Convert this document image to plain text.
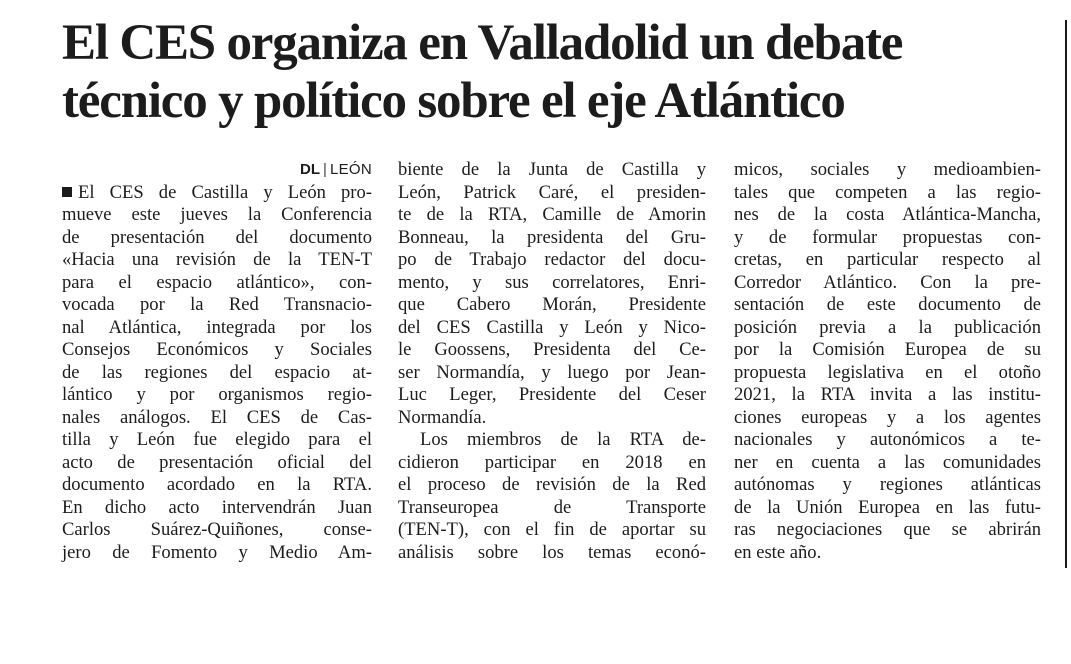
El CES organiza en Valladolid un debate
técnico y político sobre el eje Atlántico
DL | LEÓN
El CES de Castilla y León pro-
mueve este jueves la Conferencia
de presentación del documento
«Hacia una revisión de la TEN-T
para el espacio atlántico», con-
vocada por la Red Transnacio-
nal Atlántica, integrada por los
Consejos Económicos y Sociales
de las regiones del espacio at-
lántico y por organismos regio-
nales análogos. El CES de Cas-
tilla y León fue elegido para el
acto de presentación oficial del
documento acordado en la RTA.
En dicho acto intervendrán Juan
Carlos Suárez-Quiñones, conse-
jero de Fomento y Medio Am-
biente de la Junta de Castilla y
León, Patrick Caré, el presiden-
te de la RTA, Camille de Amorin
Bonneau, la presidenta del Gru-
po de Trabajo redactor del docu-
mento, y sus correlatores, Enri-
que Cabero Morán, Presidente
del CES Castilla y León y Nico-
le Goossens, Presidenta del Ce-
ser Normandía, y luego por Jean-
Luc Leger, Presidente del Ceser
Normandía.
Los miembros de la RTA de-
cidieron participar en 2018 en
el proceso de revisión de la Red
Transeuropea de Transporte
(TEN-T), con el fin de aportar su
análisis sobre los temas econó-
micos, sociales y medioambien-
tales que competen a las regio-
nes de la costa Atlántica-Mancha,
y de formular propuestas con-
cretas, en particular respecto al
Corredor Atlántico. Con la pre-
sentación de este documento de
posición previa a la publicación
por la Comisión Europea de su
propuesta legislativa en el otoño
2021, la RTA invita a las institu-
ciones europeas y a los agentes
nacionales y autonómicos a te-
ner en cuenta a las comunidades
autónomas y regiones atlánticas
de la Unión Europea en las futu-
ras negociaciones que se abrirán
en este año.
